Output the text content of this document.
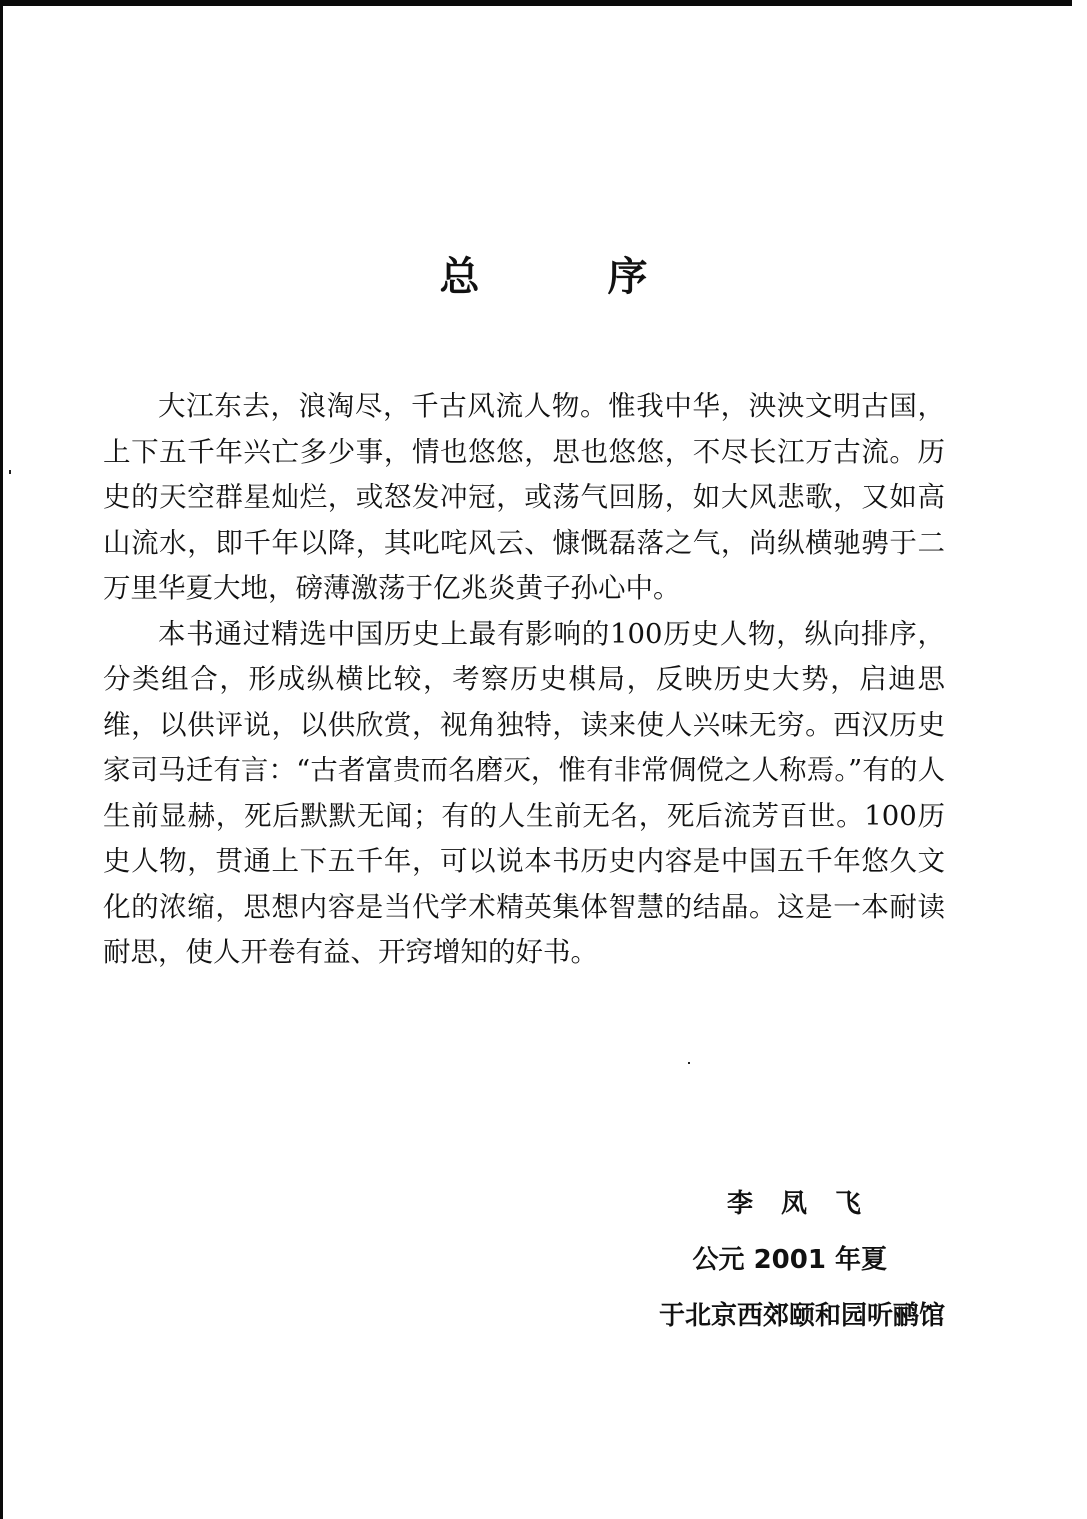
总	序

大江东去，浪淘尽，千古风流人物。惟我中华，泱泱文明古国，上下五千年兴亡多少事，情也悠悠，思也悠悠，不尽长江万古流。历史的天空群星灿烂，或怒发冲冠，或荡气回肠，如大风悲歌，又如高山流水，即千年以降，其叱咤风云、慷慨磊落之气，尚纵横驰骋于二万里华夏大地，磅薄激荡于亿兆炎黄子孙心中。

本书通过精选中国历史上最有影响的100历史人物，纵向排序，分类组合，形成纵横比较，考察历史棋局，反映历史大势，启迪思维，以供评说，以供欣赏，视角独特，读来使人兴味无穷。西汉历史家司马迁有言：“古者富贵而名磨灭，惟有非常倜傥之人称焉。”有的人生前显赫，死后默默无闻；有的人生前无名，死后流芳百世。100历史人物，贯通上下五千年，可以说本书历史内容是中国五千年悠久文化的浓缩，思想内容是当代学术精英集体智慧的结晶。这是一本耐读耐思，使人开卷有益、开窍增知的好书。

李凤飞
公元 2001 年夏
于北京西郊颐和园听鹂馆
